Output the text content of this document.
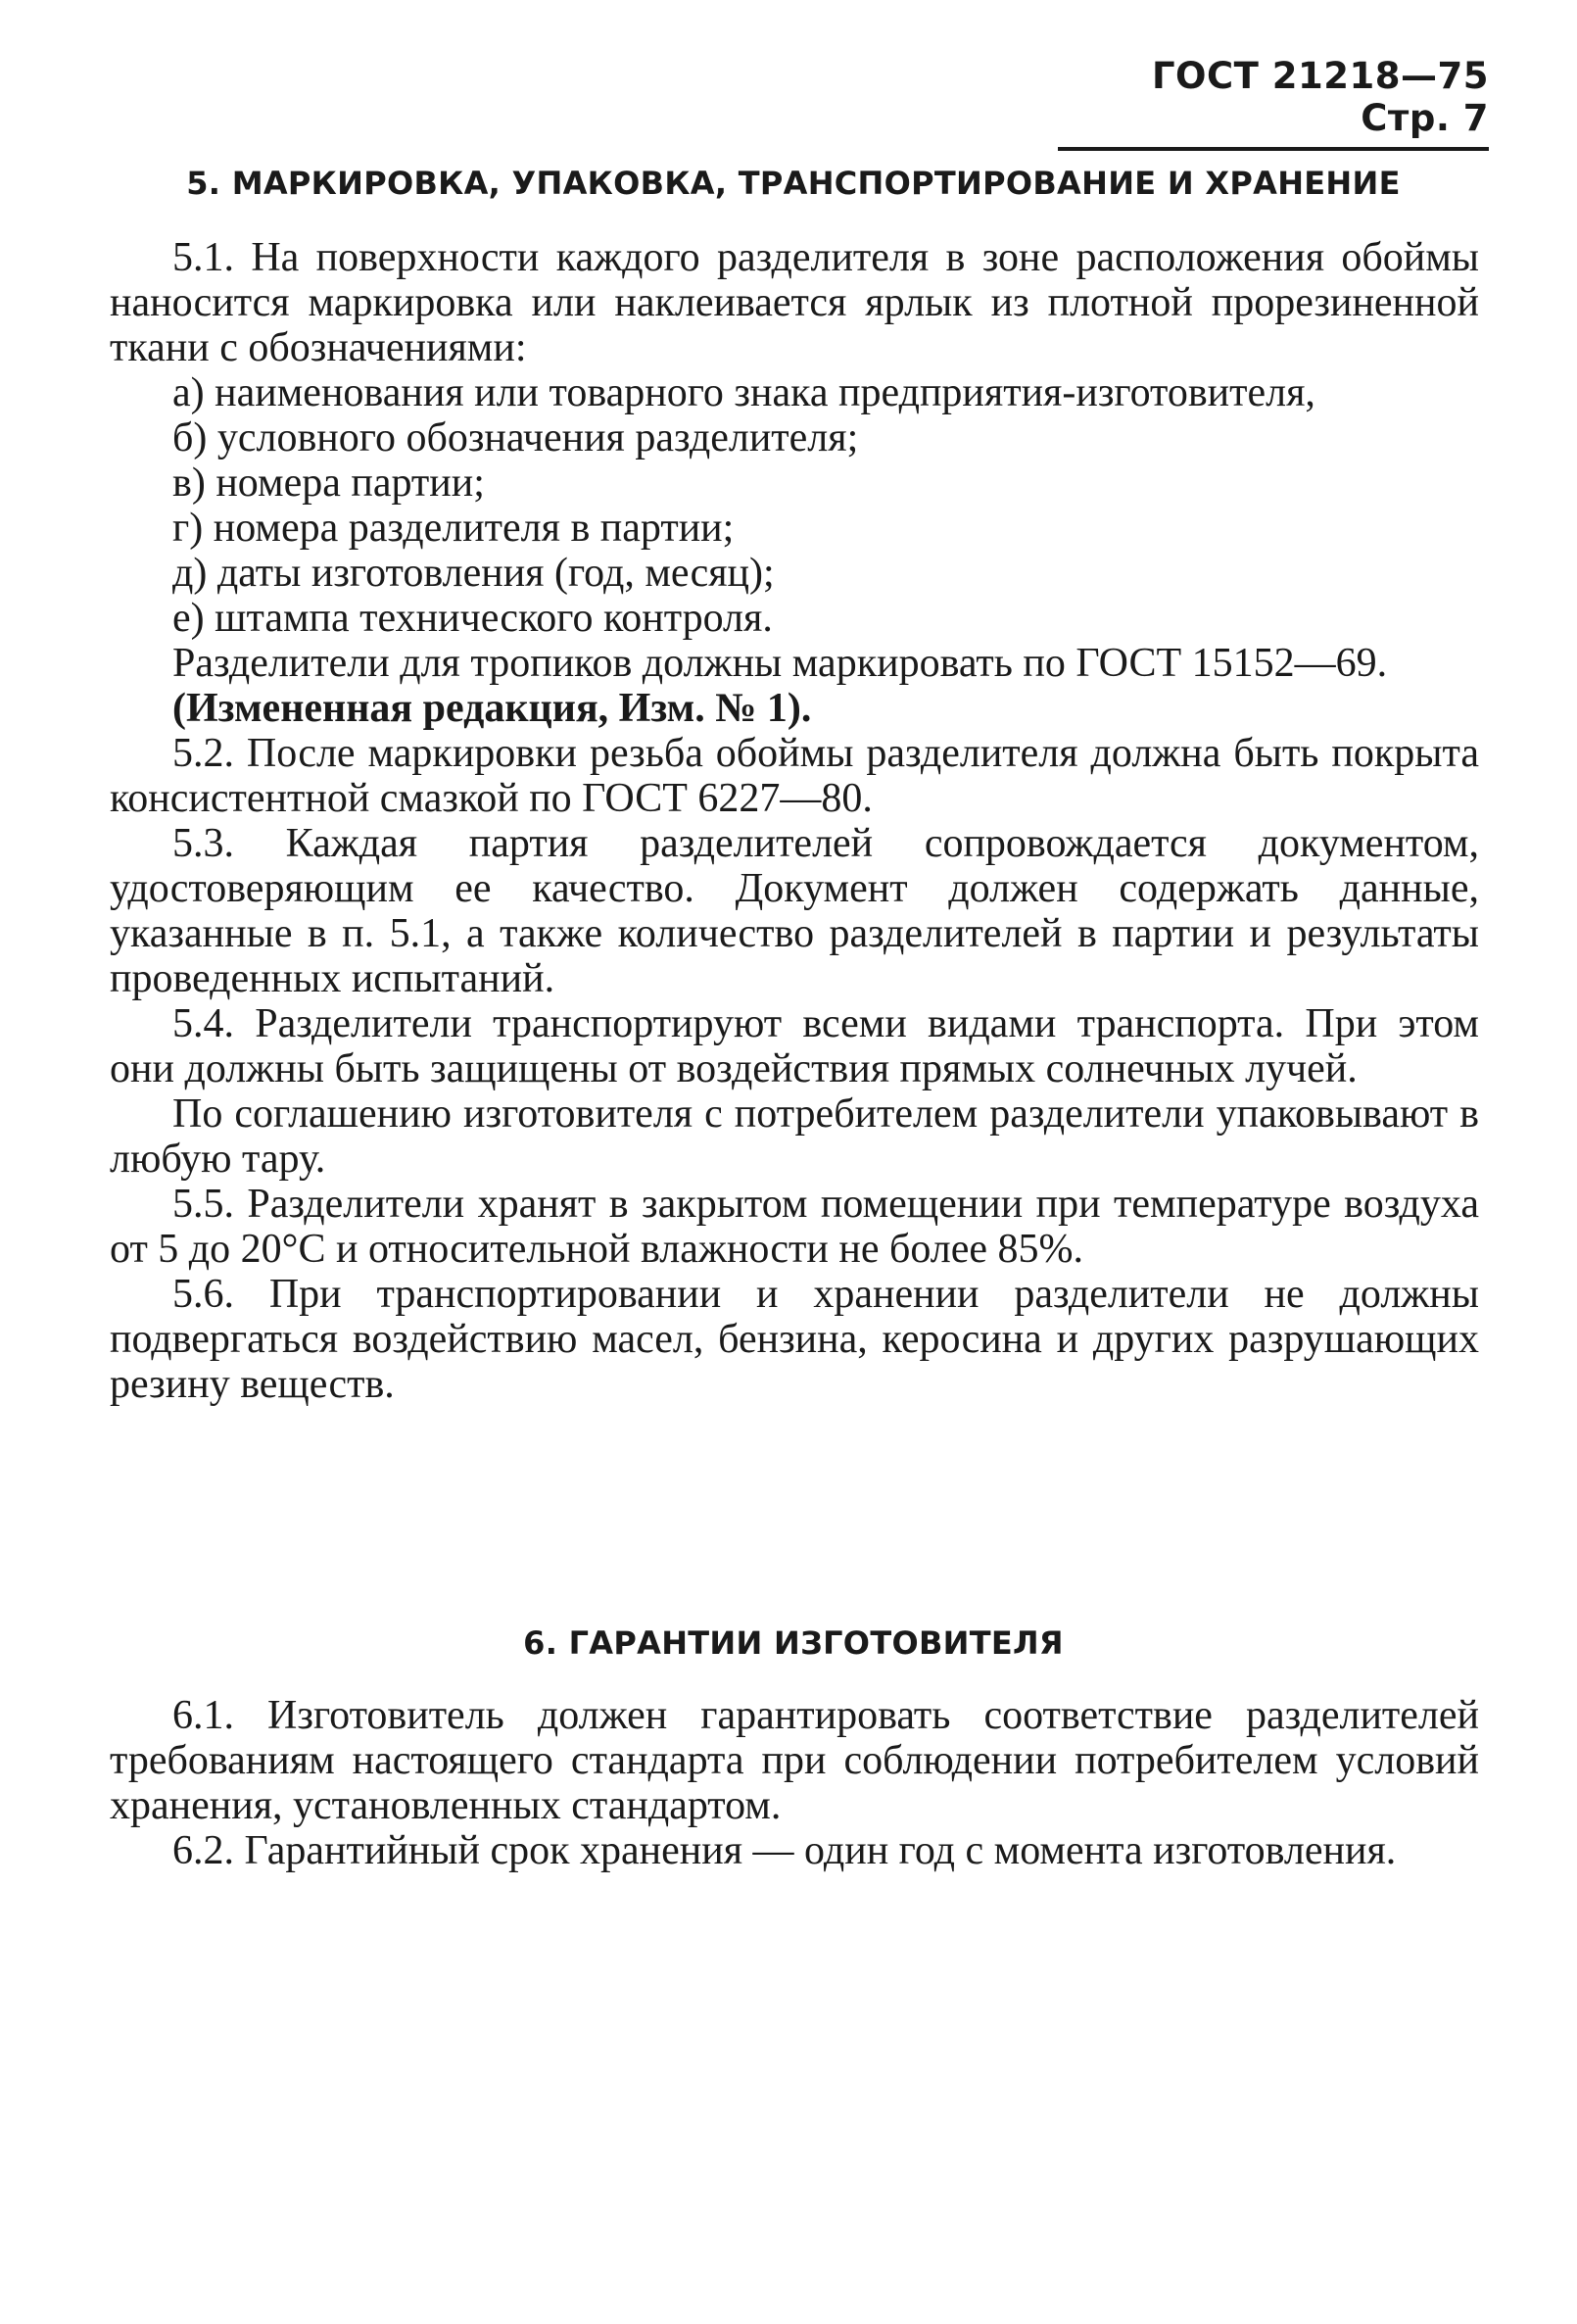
ГОСТ 21218—75 Стр. 7
5. МАРКИРОВКА, УПАКОВКА, ТРАНСПОРТИРОВАНИЕ И ХРАНЕНИЕ

5.1. На поверхности каждого разделителя в зоне расположения обоймы наносится маркировка или наклеивается ярлык из плотной прорезиненной ткани с обозначениями:

а) наименования или товарного знака предприятия-изготовителя,

б) условного обозначения разделителя;

в) номера партии;

г) номера разделителя в партии;

д) даты изготовления (год, месяц);

е) штампа технического контроля.

Разделители для тропиков должны маркировать по ГОСТ 15152—69.

(Измененная редакция, Изм. № 1).

5.2. После маркировки резьба обоймы разделителя должна быть покрыта консистентной смазкой по ГОСТ 6227—80.

5.3. Каждая партия разделителей сопровождается документом, удостоверяющим ее качество. Документ должен содержать данные, указанные в п. 5.1, а также количество разделителей в партии и результаты проведенных испытаний.

5.4. Разделители транспортируют всеми видами транспорта. При этом они должны быть защищены от воздействия прямых солнечных лучей.

По соглашению изготовителя с потребителем разделители упаковывают в любую тару.

5.5. Разделители хранят в закрытом помещении при температуре воздуха от 5 до 20°С и относительной влажности не более 85%.

5.6. При транспортировании и хранении разделители не должны подвергаться воздействию масел, бензина, керосина и других разрушающих резину веществ.

6. ГАРАНТИИ ИЗГОТОВИТЕЛЯ

6.1. Изготовитель должен гарантировать соответствие разделителей требованиям настоящего стандарта при соблюдении потребителем условий хранения, установленных стандартом.

6.2. Гарантийный срок хранения — один год с момента изготовления.
